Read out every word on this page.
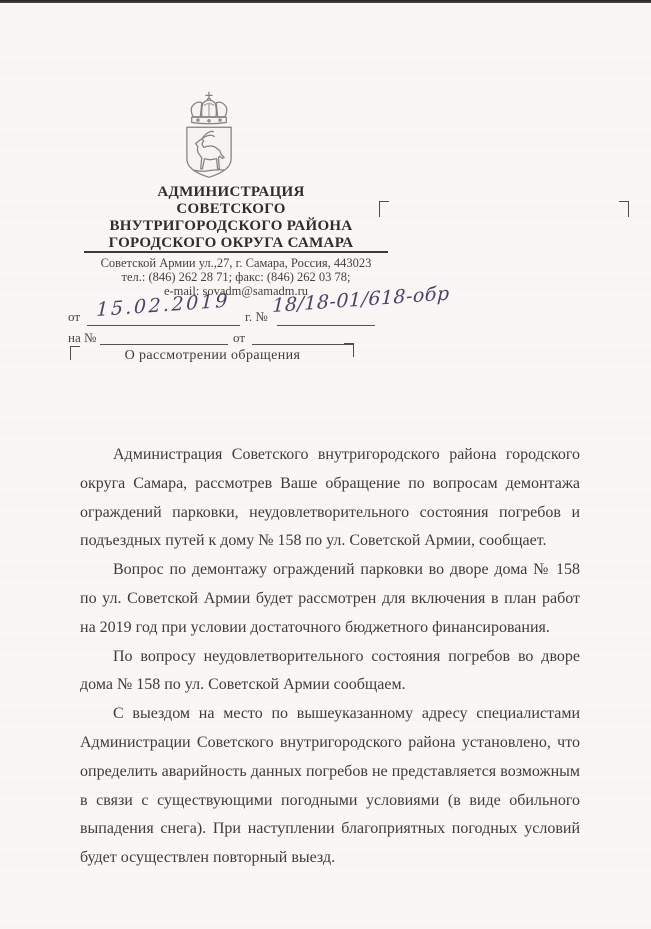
АДМИНИСТРАЦИЯ
СОВЕТСКОГО
ВНУТРИГОРОДСКОГО РАЙОНА
ГОРОДСКОГО ОКРУГА САМАРА
Советской Армии ул.,27, г. Самара, Россия, 443023
тел.: (846) 262 28 71; факс: (846) 262 03 78;
e-mail: sovadm@samadm.ru
от	г. №
15.02.2019 18/18-01/618-обр
на №	от
О рассмотрении обращения

Администрация Советского внутригородского района городского округа Самара, рассмотрев Ваше обращение по вопросам демонтажа ограждений парковки, неудовлетворительного состояния погребов и подъездных путей к дому № 158 по ул. Советской Армии, сообщает.

Вопрос по демонтажу ограждений парковки во дворе дома № 158 по ул. Советской Армии будет рассмотрен для включения в план работ на 2019 год при условии достаточного бюджетного финансирования.

По вопросу неудовлетворительного состояния погребов во дворе дома № 158 по ул. Советской Армии сообщаем.

С выездом на место по вышеуказанному адресу специалистами Администрации Советского внутригородского района установлено, что определить аварийность данных погребов не представляется возможным в связи с существующими погодными условиями (в виде обильного выпадения снега). При наступлении благоприятных погодных условий будет осуществлен повторный выезд.
